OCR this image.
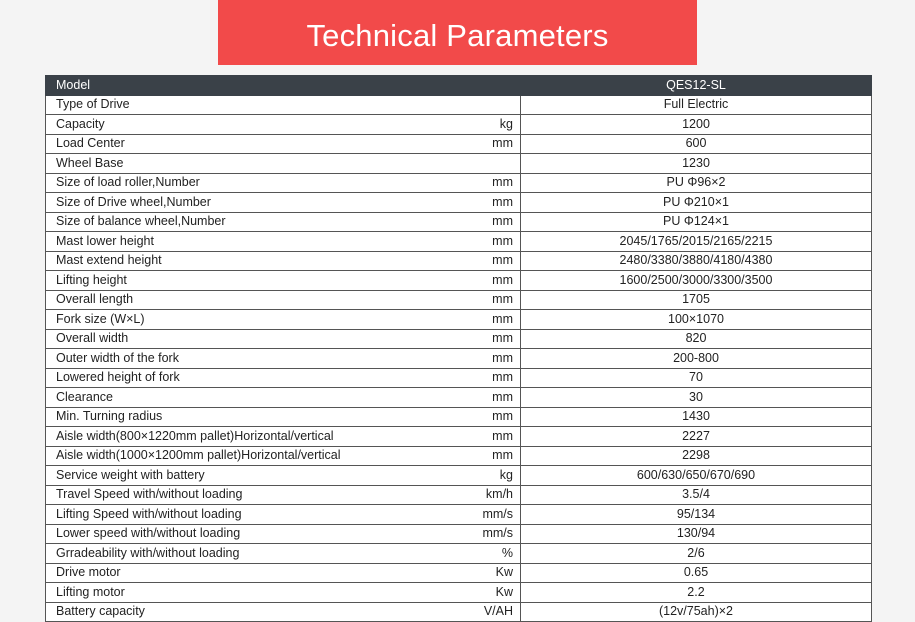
Technical Parameters
Model		QES12-SL
Type of Drive		Full Electric
Capacity	kg	1200
Load Center	mm	600
Wheel Base		1230
Size of load roller,Number	mm	PU Φ96×2
Size of Drive wheel,Number	mm	PU Φ210×1
Size of balance wheel,Number	mm	PU Φ124×1
Mast lower height	mm	2045/1765/2015/2165/2215
Mast extend height	mm	2480/3380/3880/4180/4380
Lifting height	mm	1600/2500/3000/3300/3500
Overall length	mm	1705
Fork size (W×L)	mm	100×1070
Overall width	mm	820
Outer width of the fork	mm	200-800
Lowered height of fork	mm	70
Clearance	mm	30
Min. Turning radius	mm	1430
Aisle width(800×1220mm pallet)Horizontal/vertical	mm	2227
Aisle width(1000×1200mm pallet)Horizontal/vertical	mm	2298
Service weight with battery	kg	600/630/650/670/690
Travel Speed with/without loading	km/h	3.5/4
Lifting Speed with/without loading	mm/s	95/134
Lower speed with/without loading	mm/s	130/94
Grradeability with/without loading	%	2/6
Drive motor	Kw	0.65
Lifting motor	Kw	2.2
Battery capacity	V/AH	(12v/75ah)×2
